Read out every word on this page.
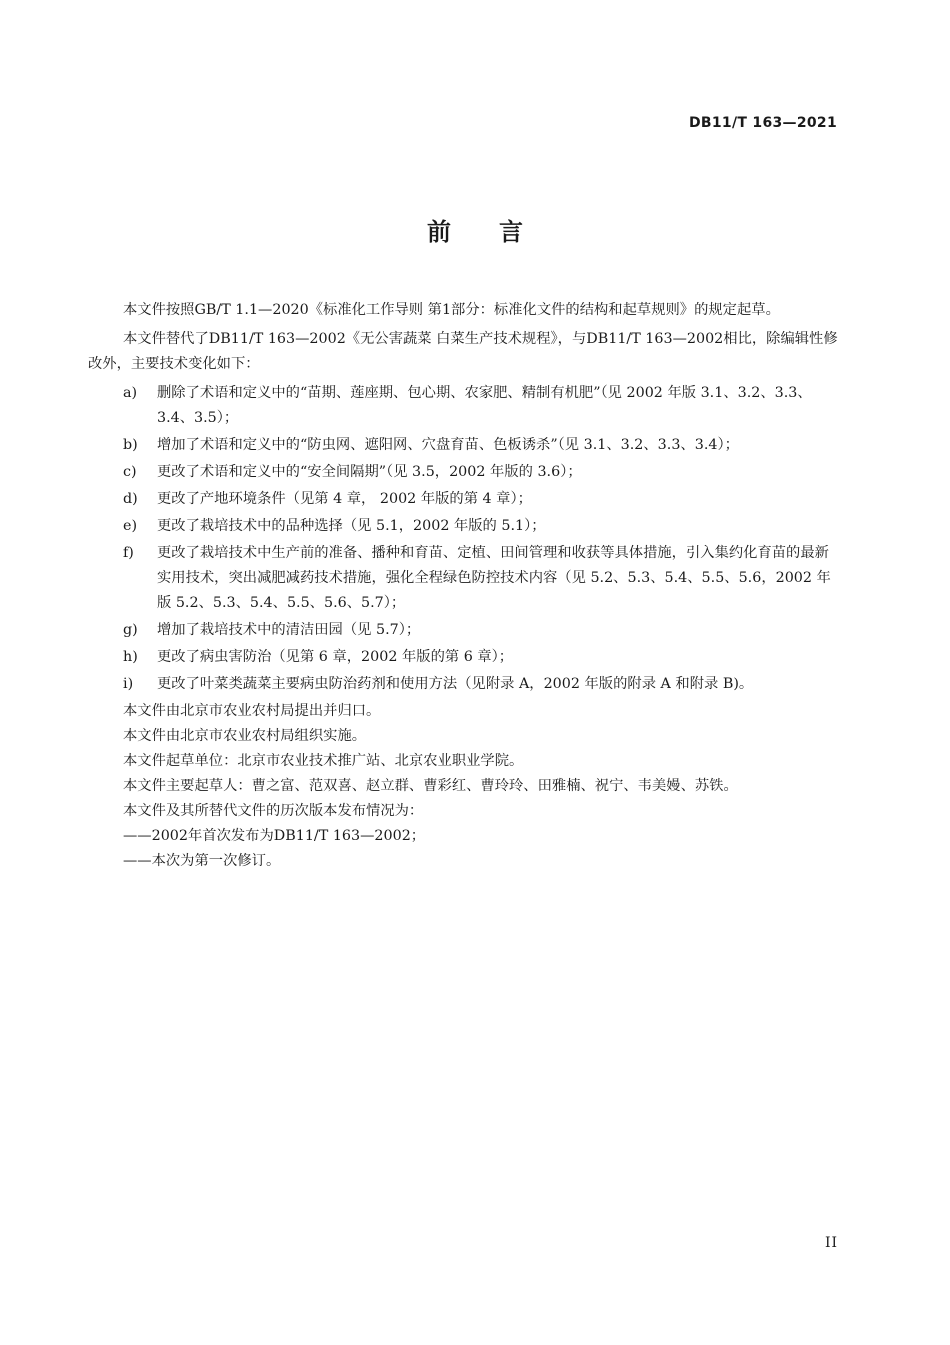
DB11/T 163—2021
前 言

本文件按照GB/T 1.1—2020《标准化工作导则 第1部分：标准化文件的结构和起草规则》的规定起草。

本文件替代了DB11/T 163—2002《无公害蔬菜 白菜生产技术规程》，与DB11/T 163—2002相比，除编辑性修改外，主要技术变化如下：

a)	删除了术语和定义中的“苗期、莲座期、包心期、农家肥、精制有机肥”（见 2002 年版 3.1、3.2、3.3、3.4、3.5）；
b)	增加了术语和定义中的“防虫网、遮阳网、穴盘育苗、色板诱杀”（见 3.1、3.2、3.3、3.4）；
c)	更改了术语和定义中的“安全间隔期”（见 3.5，2002 年版的 3.6）；
d)	更改了产地环境条件（见第 4 章， 2002 年版的第 4 章）；
e)	更改了栽培技术中的品种选择（见 5.1，2002 年版的 5.1）；
f)	更改了栽培技术中生产前的准备、播种和育苗、定植、田间管理和收获等具体措施，引入集约化育苗的最新实用技术，突出减肥减药技术措施，强化全程绿色防控技术内容（见 5.2、5.3、5.4、5.5、5.6，2002 年版 5.2、5.3、5.4、5.5、5.6、5.7）；
g)	增加了栽培技术中的清洁田园（见 5.7）；
h)	更改了病虫害防治（见第 6 章，2002 年版的第 6 章）；
i)	更改了叶菜类蔬菜主要病虫防治药剂和使用方法（见附录 A，2002 年版的附录 A 和附录 B)。
本文件由北京市农业农村局提出并归口。
本文件由北京市农业农村局组织实施。
本文件起草单位：北京市农业技术推广站、北京农业职业学院。
本文件主要起草人：曹之富、范双喜、赵立群、曹彩红、曹玲玲、田雅楠、祝宁、韦美嫚、苏铁。
本文件及其所替代文件的历次版本发布情况为：
——2002年首次发布为DB11/T 163—2002；
——本次为第一次修订。
II
